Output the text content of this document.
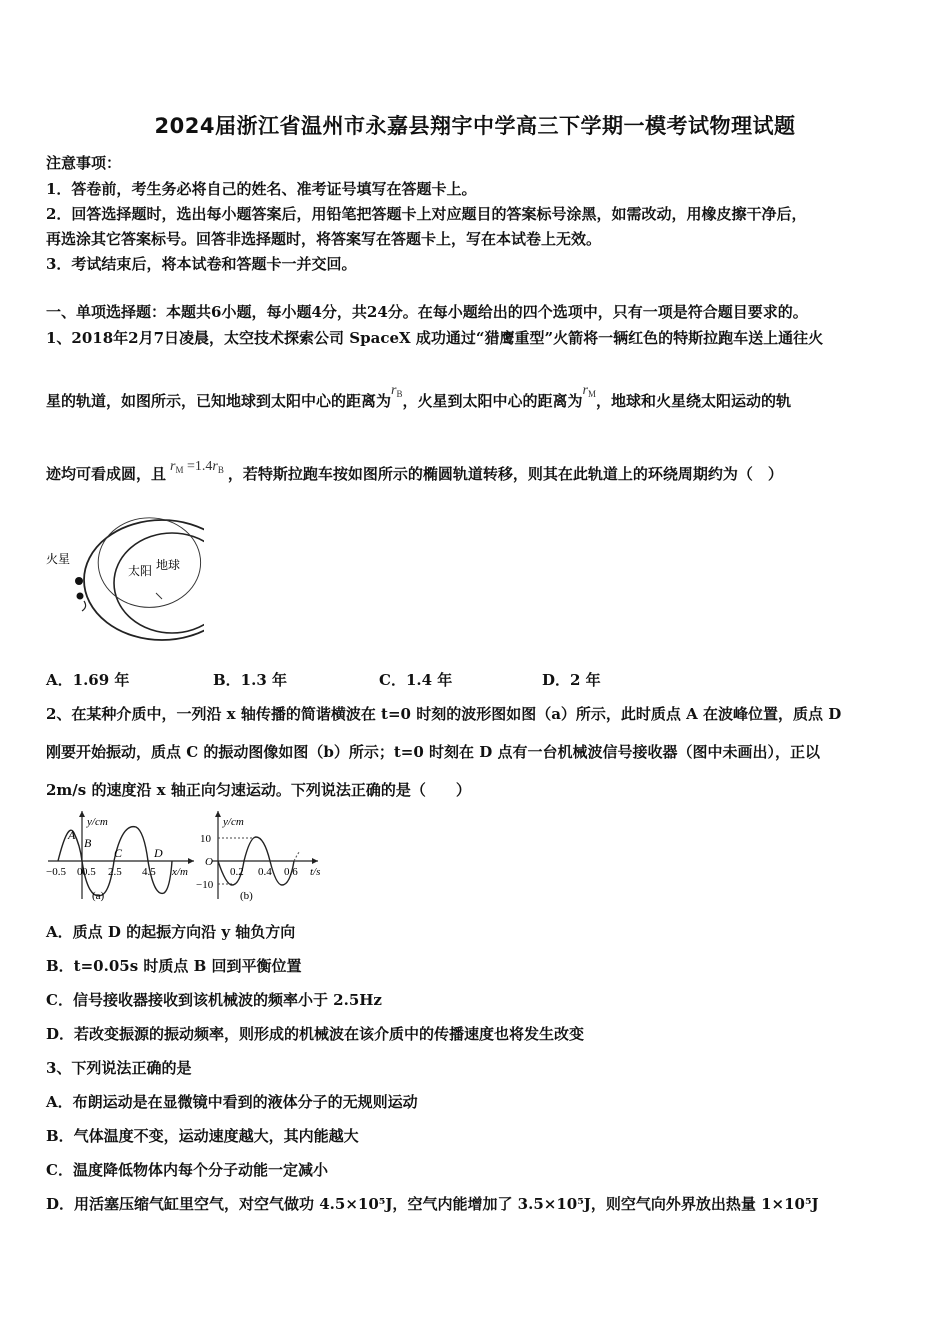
2024届浙江省温州市永嘉县翔宇中学高三下学期一模考试物理试题
注意事项：
1．答卷前，考生务必将自己的姓名、准考证号填写在答题卡上。
2．回答选择题时，选出每小题答案后，用铅笔把答题卡上对应题目的答案标号涂黑，如需改动，用橡皮擦干净后，
再选涂其它答案标号。回答非选择题时，将答案写在答题卡上，写在本试卷上无效。
3．考试结束后，将本试卷和答题卡一并交回。
一、单项选择题：本题共6小题，每小题4分，共24分。在每小题给出的四个选项中，只有一项是符合题目要求的。
1、2018年2月7日凌晨，太空技术探索公司 SpaceX 成功通过“猎鹰重型”火箭将一辆红色的特斯拉跑车送上通往火
星的轨道，如图所示，已知地球到太阳中心的距离为$r_B$，火星到太阳中心的距离为$r_M$，地球和火星绕太阳运动的轨
迹均可看成圆，且 $r_M =1.4r_B$ ，若特斯拉跑车按如图所示的椭圆轨道转移，则其在此轨道上的环绕周期约为（　）
火星
太阳 地球
A．1.69 年	B．1.3 年	C．1.4 年	D．2 年
2、在某种介质中，一列沿 x 轴传播的简谐横波在 t=0 时刻的波形图如图（a）所示，此时质点 A 在波峰位置，质点 D
刚要开始振动，质点 C 的振动图像如图（b）所示；t=0 时刻在 D 点有一台机械波信号接收器（图中未画出），正以
2m/s 的速度沿 x 轴正向匀速运动。下列说法正确的是（　　）
y/cm
x/m
A
B
C	D
−0.5 0 0.5 2.5 4.5
(a)
y/cm
t/s
10
O
−10
0.2 0.4 0.6
(b)
A．质点 D 的起振方向沿 y 轴负方向
B．t=0.05s 时质点 B 回到平衡位置
C．信号接收器接收到该机械波的频率小于 2.5Hz
D．若改变振源的振动频率，则形成的机械波在该介质中的传播速度也将发生改变
3、下列说法正确的是
A．布朗运动是在显微镜中看到的液体分子的无规则运动
B．气体温度不变，运动速度越大，其内能越大
C．温度降低物体内每个分子动能一定减小
D．用活塞压缩气缸里空气，对空气做功 4.5×10⁵J，空气内能增加了 3.5×10⁵J，则空气向外界放出热量 1×10⁵J
